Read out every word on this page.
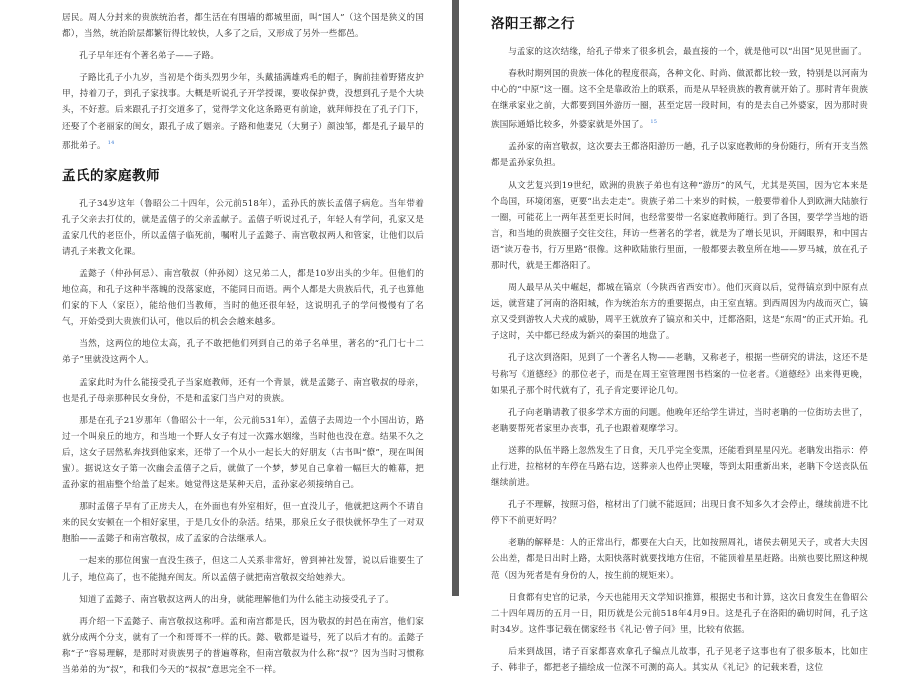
居民。周人分封来的贵族统治者，都生活在有围墙的都城里面，叫“国人”（这个国是狭义的国都），当然，统治阶层都繁衍得比较快，人多了之后，又形成了另外一些都邑。

孔子早年还有个著名弟子——子路。

子路比孔子小九岁，当初是个街头烈男少年，头戴插满雄鸡毛的帽子，胸前挂着野猪皮护甲，持着刀子，到孔子家找事。大概是听说孔子开学授课，要收保护费，没想到孔子是个大块头，不好惹。后来跟孔子打交道多了，觉得学文化这条路更有前途，就拜师投在了孔子门下，还娶了个老丽家的闺女，跟孔子成了姻亲。子路和他妻兄（大舅子）颜浊邹，都是孔子最早的那批弟子。 $^{14}$

孟氏的家庭教师

孔子34岁这年（鲁昭公二十四年，公元前518年），孟孙氏的族长孟僖子病危。当年带着孔子父亲去打仗的，就是孟僖子的父亲孟献子。孟僖子听说过孔子，年轻人有学问，孔家又是孟家几代的老臣仆，所以孟僖子临死前，嘱咐儿子孟懿子、南宫敬叔两人和管家，让他们以后请孔子来教文化课。

孟懿子（仲孙何忌）、南宫敬叔（仲孙阅）这兄弟二人，都是10岁出头的少年。但他们的地位高，和孔子这种半落魄的没落家庭，不能同日而语。两个人都是大贵族后代，孔子也算他们家的下人（家臣），能给他们当教师，当时的他还很年轻，这说明孔子的学问慢慢有了名气，开始受到大贵族们认可，他以后的机会会越来越多。

当然，这两位的地位太高，孔子不敢把他们列到自己的弟子名单里，著名的“孔门七十二弟子”里就没这两个人。

孟家此时为什么能接受孔子当家庭教师，还有一个背景，就是孟懿子、南宫敬叔的母亲，也是孔子母亲那种民女身份，不是和孟家门当户对的贵族。

那是在孔子21岁那年（鲁昭公十一年，公元前531年），孟僖子去周边一个小国出访，路过一个叫泉丘的地方，和当地一个野人女子有过一次露水姻缘，当时他也没在意。结果不久之后，这女子居然私奔找到他家来，还带了一个从小一起长大的好朋友（古书叫“僚”，现在叫闺蜜）。据说这女子第一次幽会孟僖子之后，就做了一个梦，梦见自己拿着一幅巨大的帷幕，把孟孙家的祖庙整个给盖了起来。她觉得这是某种天启，孟孙家必须接纳自己。

那时孟僖子早有了正房夫人，在外面也有外室相好，但一直没儿子，他就把这两个不请自来的民女安顿在一个相好家里，于是几女仆的杂活。结果，那泉丘女子很快就怀孕生了一对双胞胎——孟懿子和南宫敬叔，成了孟家的合法继承人。

一起来的那位闺蜜一直没生孩子，但这二人关系非常好，曾到神社发誓，说以后谁要生了儿子，地位高了，也不能抛弃闺友。所以孟僖子就把南宫敬叔交给她养大。

知道了孟懿子、南宫敬叔这两人的出身，就能理解他们为什么能主动接受孔子了。

再介绍一下孟懿子、南宫敬叔这称呼。孟和南宫都是氏，因为敬叔的封邑在南宫，他们家就分成两个分支，就有了一个和哥哥不一样的氏。懿、敬都是谥号，死了以后才有的。孟懿子称“子”容易理解，是那时对贵族男子的普遍尊称，但南宫敬叔为什么称“叔”？因为当时习惯称当弟弟的为“叔”，和我们今天的“叔叔”意思完全不一样。

洛阳王都之行

与孟家的这次结缘，给孔子带来了很多机会，最直接的一个，就是他可以“出国”见见世面了。

春秋时期列国的贵族一体化的程度很高，各种文化、时尚、做派都比较一致，特别是以河南为中心的“中原”这一圈。这不全是靠政治上的联系，而是从早轻贵族的教育就开始了。那时青年贵族在继承家业之前，大都要到国外游历一圈，甚至定居一段时间，有的是去自己外婆家，因为那时贵族国际通婚比较多，外婆家就是外国了。 $^{15}$

孟孙家的南宫敬叔，这次要去王都洛阳游历一趟，孔子以家庭教师的身份随行，所有开支当然都是孟孙家负担。

从文艺复兴到19世纪，欧洲的贵族子弟也有这种“游历”的风气，尤其是英国，因为它本来是个岛国，环境闭塞，更要“出去走走”。贵族子弟二十来岁的时候，一般要带着仆人到欧洲大陆旅行一圈，可能花上一两年甚至更长时间，也经常要带一名家庭教师随行。到了各国，要学学当地的语言，和当地的贵族圈子交往交往，拜访一些著名的学者，就是为了增长见识，开阔眼界，和中国古语“读万卷书，行万里路”很像。这种欧陆旅行里面，一般都要去教皇所在地——罗马城，放在孔子那时代，就是王都洛阳了。

周人最早从关中崛起，都城在镐京（今陕西省西安市）。他们灭商以后，觉得镐京到中原有点远，就营建了河南的洛阳城，作为统治东方的重要据点，由王室直辖。到西周因为内战而灭亡，镐京又受到游牧人犬戎的威胁，周平王就放弃了镐京和关中，迁都洛阳，这是“东周”的正式开始。孔子这时，关中都已经成为新兴的秦国的地盘了。

孔子这次到洛阳，见到了一个著名人物——老聃，又称老子，根据一些研究的讲法，这还不是号称写《道德经》的那位老子，而是在周王室管理图书档案的一位老者。《道德经》出来得更晚，如果孔子那个时代就有了，孔子肯定要评论几句。

孔子向老聃请教了很多学术方面的问题。他晚年还给学生讲过，当时老聃的一位街坊去世了，老聃要帮死者家里办丧事，孔子也跟着观摩学习。

送葬的队伍半路上忽然发生了日食，天几乎完全变黑，还能看到星星闪光。老聃发出指示：停止行进，拉棺材的车停在马路右边，送葬亲人也停止哭嚎，等到太阳重新出来，老聃下令送丧队伍继续前进。

孔子不理解，按照习俗，棺材出了门就不能返回；出现日食不知多久才会停止，继续前进不比停下不前更好吗？

老聃的解释是：人的正常出行，都要在大白天，比如按照周礼，诸侯去朝见天子，或者大夫因公出差，都是日出时上路，太阳快落时就要找地方住宿，不能顶着星星赶路。出殡也要比照这种规范（因为死者是有身份的人，按生前的规矩来）。

日食都有史官的记录，今天也能用天文学知识推算，根据史书和计算，这次日食发生在鲁昭公二十四年周历的五月一日，阳历就是公元前518年4月9日。这是孔子在洛阳的确切时间，孔子这时34岁。这件事记载在儒家经书《礼记·曾子问》里，比较有依据。

后来到战国，诸子百家都喜欢拿孔子编点儿故事，孔子见老子这事也有了很多版本，比如庄子、韩非子，都把老子描绘成一位深不可测的高人。其实从《礼记》的记载来看，这位
